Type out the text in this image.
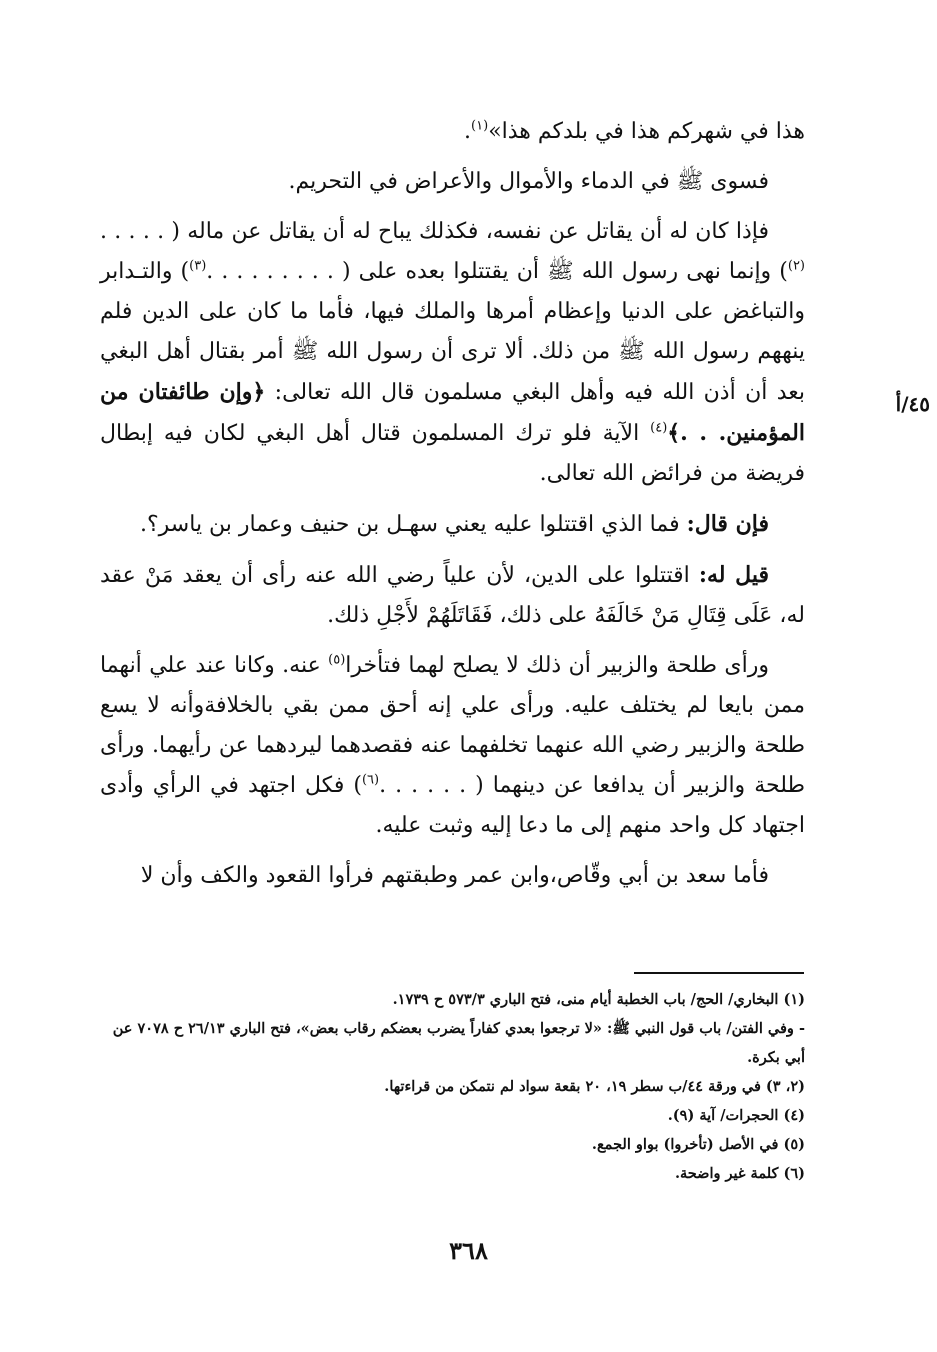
هذا في شهركم هذا في بلدكم هذا»$^{(١)}$.

فسوى ﷺ في الدماء والأموال والأعراض في التحريم.

فإذا كان له أن يقاتل عن نفسه، فكذلك يباح له أن يقاتل عن ماله ( . . . . .$^{(٢)}$) وإنما نهى رسول الله ﷺ أن يقتتلوا بعده على ( . . . . . . . . .$^{(٣)}$) والتـدابر والتباغض على الدنيا وإعظام أمرها والملك فيها، فأما ما كان على الدين فلم ينههم رسول الله ﷺ من ذلك. ألا ترى أن رسول الله ﷺ أمر بقتال أهل البغي بعد أن أذن الله فيه وأهل البغي مسلمون قال الله تعالى: ﴿وإن طائفتان من المؤمنين. . .﴾$^{(٤)}$ الآية فلو ترك المسلمون قتال أهل البغي لكان فيه إبطال فريضة من فرائض الله تعالى.

فإن قال: فما الذي اقتتلوا عليه يعني سهـل بن حنيف وعمار بن ياسر؟.

قيل له: اقتتلوا على الدين، لأن علياً رضي الله عنه رأى أن يعقد مَنْ عقد له، عَلَى قِتَالِ مَنْ خَالَفَهُ على ذلك، فَقَاتَلَهُمْ لأَجْلِ ذلك.

ورأى طلحة والزبير أن ذلك لا يصلح لهما فتأخرا$^{(٥)}$ عنه. وكانا عند علي أنهما ممن بايعا لم يختلف عليه. ورأى علي إنه أحق ممن بقي بالخلافةوأنه لا يسع طلحة والزبير رضي الله عنهما تخلفهما عنه فقصدهما ليردهما عن رأيهما. ورأى طلحة والزبير أن يدافعا عن دينهما ( . . . . . .$^{(٦)}$) فكل اجتهد في الرأي وأدى اجتهاد كل واحد منهم إلى ما دعا إليه وثبت عليه.

فأما سعد بن أبي وقّاص،وابن عمر وطبقتهم فرأوا القعود والكف وأن لا

٤٥/أ

(١) البخاري/ الحج/ باب الخطبة أيام منى، فتح الباري ٥٧٣/٣ ح ١٧٣٩.

- وفي الفتن/ باب قول النبي ﷺ: «لا ترجعوا بعدي كفاراً يضرب بعضكم رقاب بعض»، فتح الباري ٢٦/١٣ ح ٧٠٧٨ عن أبي بكرة.

(٢، ٣) في ورقة ٤٤/ب سطر ١٩، ٢٠ بقعة سواد لم نتمكن من قراءتها.

(٤) الحجرات/ آية (٩).

(٥) في الأصل (تأخروا) بواو الجمع.

(٦) كلمة غير واضحة.

٣٦٨
